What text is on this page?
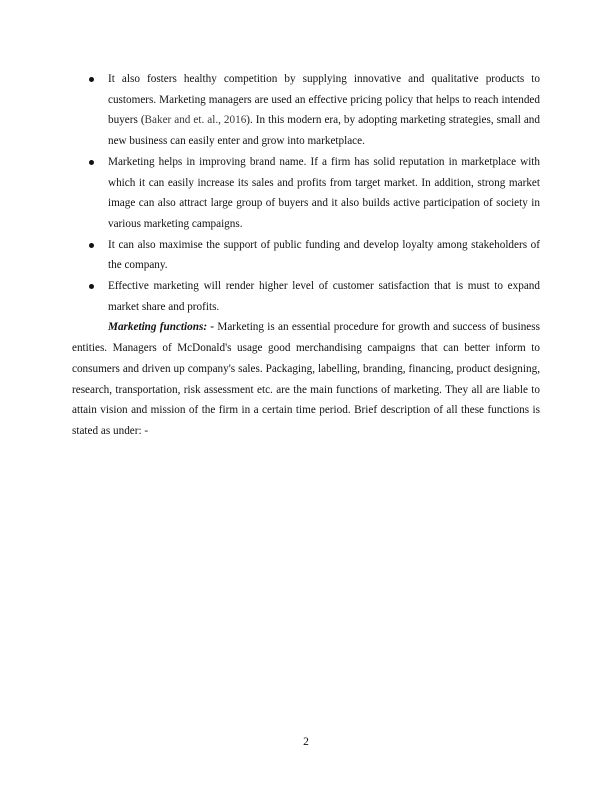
It also fosters healthy competition by supplying innovative and qualitative products to customers. Marketing managers are used an effective pricing policy that helps to reach intended buyers (Baker and et. al., 2016). In this modern era, by adopting marketing strategies, small and new business can easily enter and grow into marketplace.
Marketing helps in improving brand name. If a firm has solid reputation in marketplace with which it can easily increase its sales and profits from target market. In addition, strong market image can also attract large group of buyers and it also builds active participation of society in various marketing campaigns.
It can also maximise the support of public funding and develop loyalty among stakeholders of the company.
Effective marketing will render higher level of customer satisfaction that is must to expand market share and profits.

Marketing functions: - Marketing is an essential procedure for growth and success of business entities. Managers of McDonald's usage good merchandising campaigns that can better inform to consumers and driven up company's sales. Packaging, labelling, branding, financing, product designing, research, transportation, risk assessment etc. are the main functions of marketing. They all are liable to attain vision and mission of the firm in a certain time period. Brief description of all these functions is stated as under: -

2
